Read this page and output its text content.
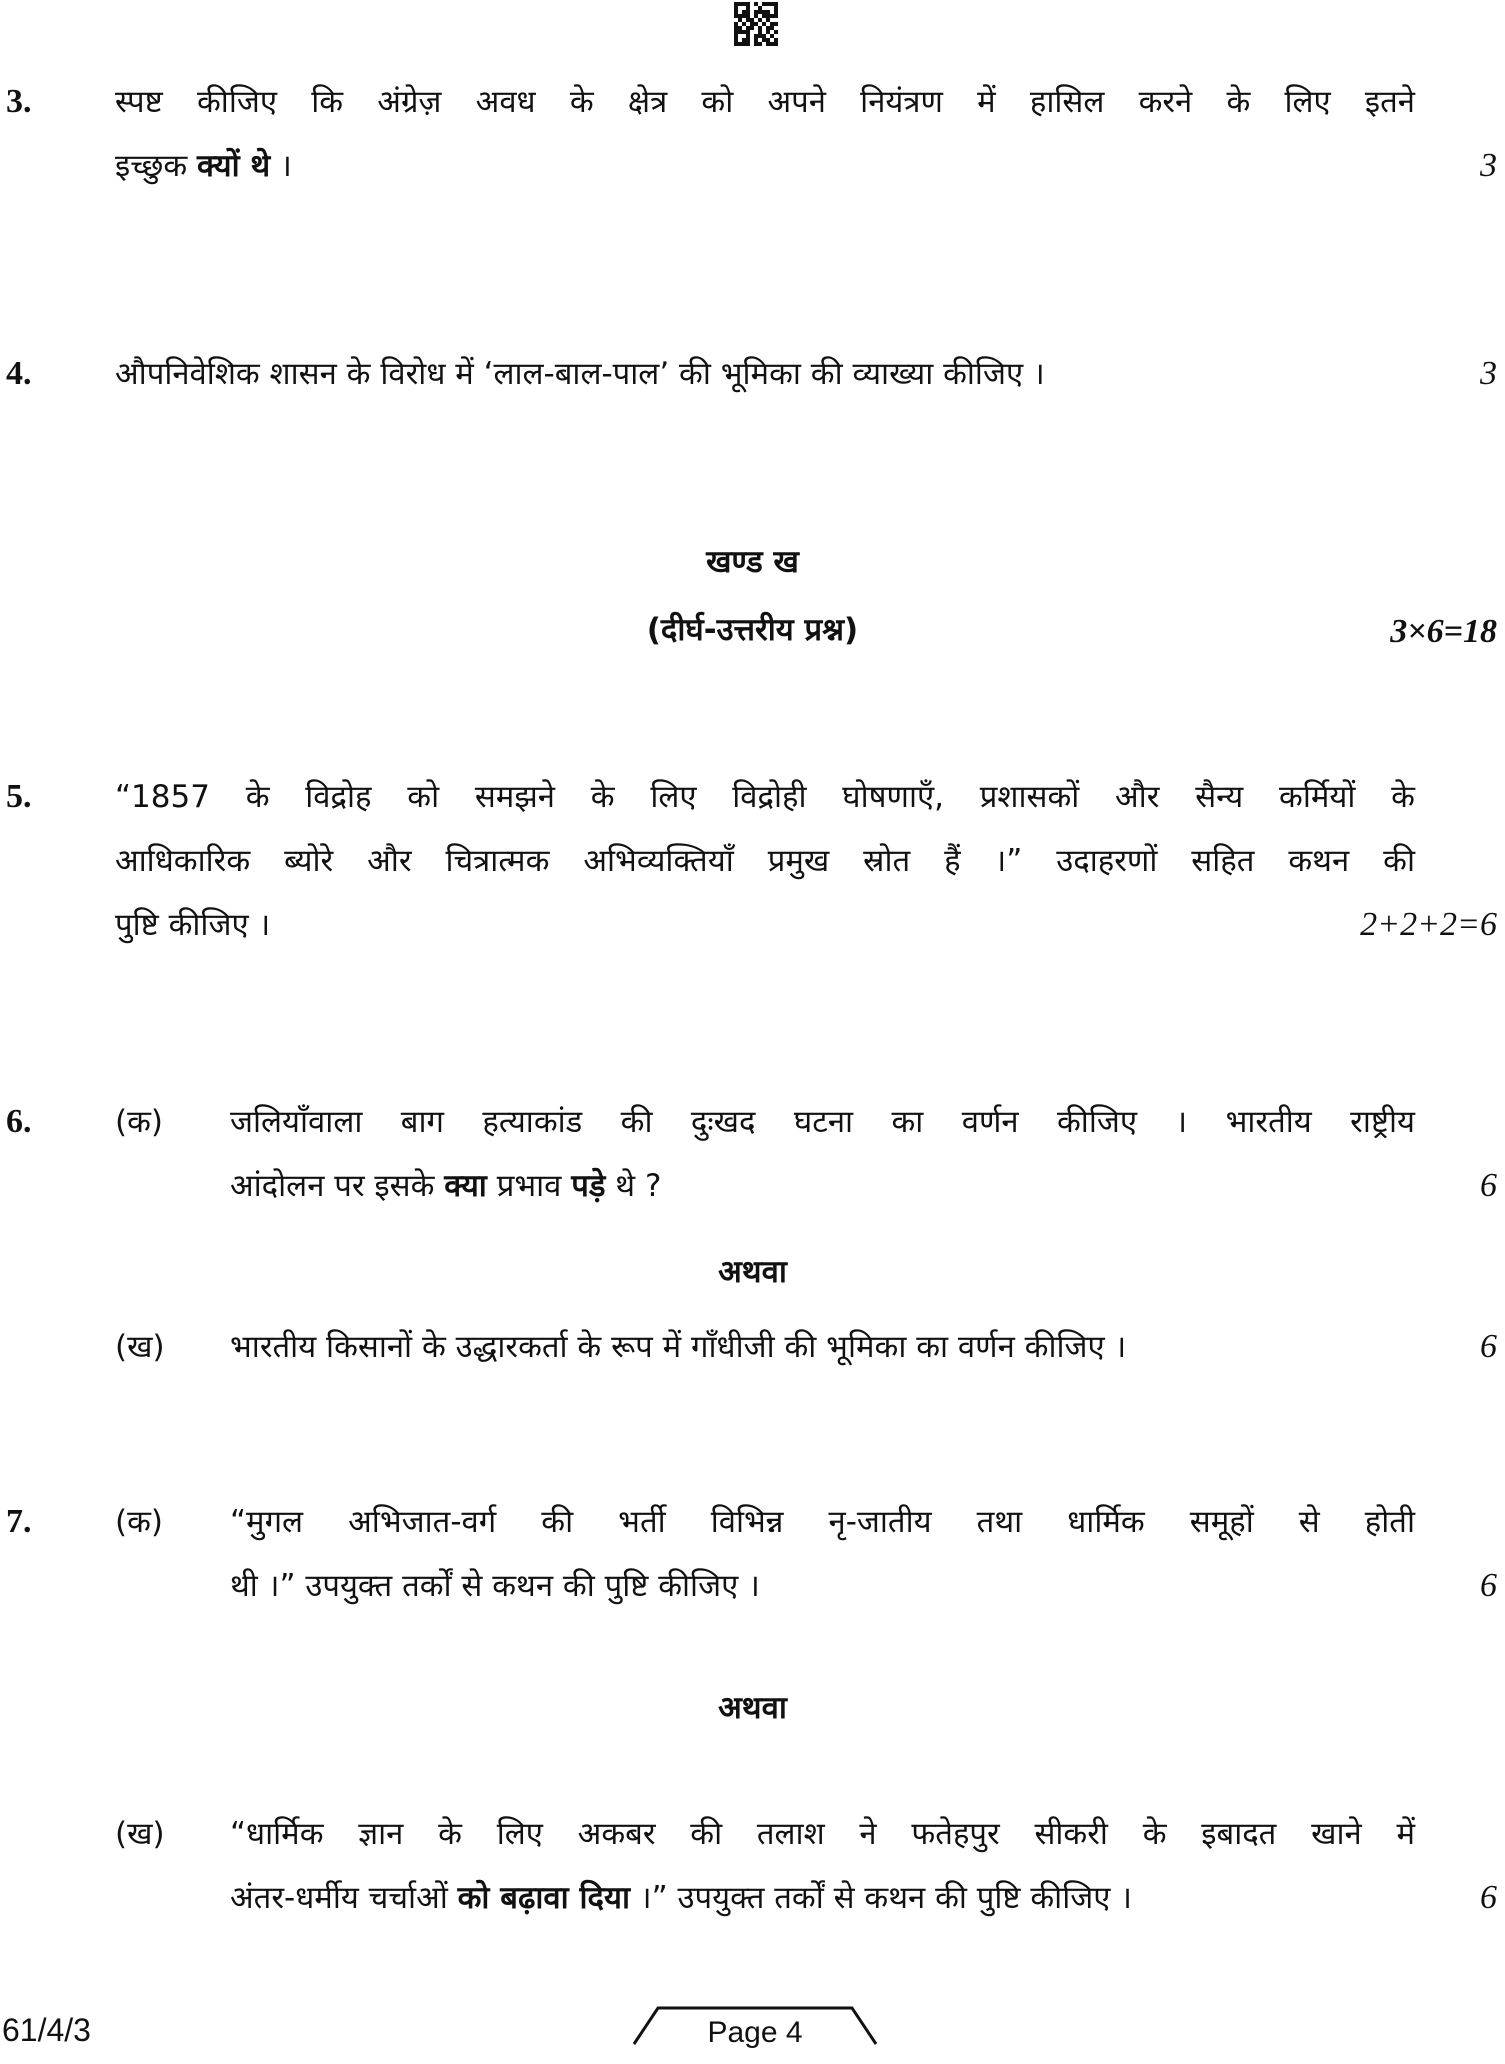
3.	स्पष्ट कीजिए कि अंग्रेज़ अवध के क्षेत्र को अपने नियंत्रण में हासिल करने के लिए इतने
इच्छुक क्यों थे ।	3
4.	औपनिवेशिक शासन के विरोध में ‘लाल-बाल-पाल’ की भूमिका की व्याख्या कीजिए ।	3
खण्ड ख
(दीर्घ-उत्तरीय प्रश्न)	3×6=18
5.	“1857 के विद्रोह को समझने के लिए विद्रोही घोषणाएँ, प्रशासकों और सैन्य कर्मियों के
आधिकारिक ब्योरे और चित्रात्मक अभिव्यक्तियाँ प्रमुख स्रोत हैं ।” उदाहरणों सहित कथन की
पुष्टि कीजिए ।	2+2+2=6
6.	(क) जलियाँवाला बाग हत्याकांड की दुःखद घटना का वर्णन कीजिए । भारतीय राष्ट्रीय
आंदोलन पर इसके क्या प्रभाव पड़े थे ?	6
अथवा
(ख) भारतीय किसानों के उद्धारकर्ता के रूप में गाँधीजी की भूमिका का वर्णन कीजिए ।	6
7.	(क) “मुगल अभिजात-वर्ग की भर्ती विभिन्न नृ-जातीय तथा धार्मिक समूहों से होती
थी ।” उपयुक्त तर्कों से कथन की पुष्टि कीजिए ।	6
अथवा
(ख) “धार्मिक ज्ञान के लिए अकबर की तलाश ने फतेहपुर सीकरी के इबादत खाने में
अंतर-धर्मीय चर्चाओं को बढ़ावा दिया ।” उपयुक्त तर्कों से कथन की पुष्टि कीजिए ।	6
61/4/3	Page 4
